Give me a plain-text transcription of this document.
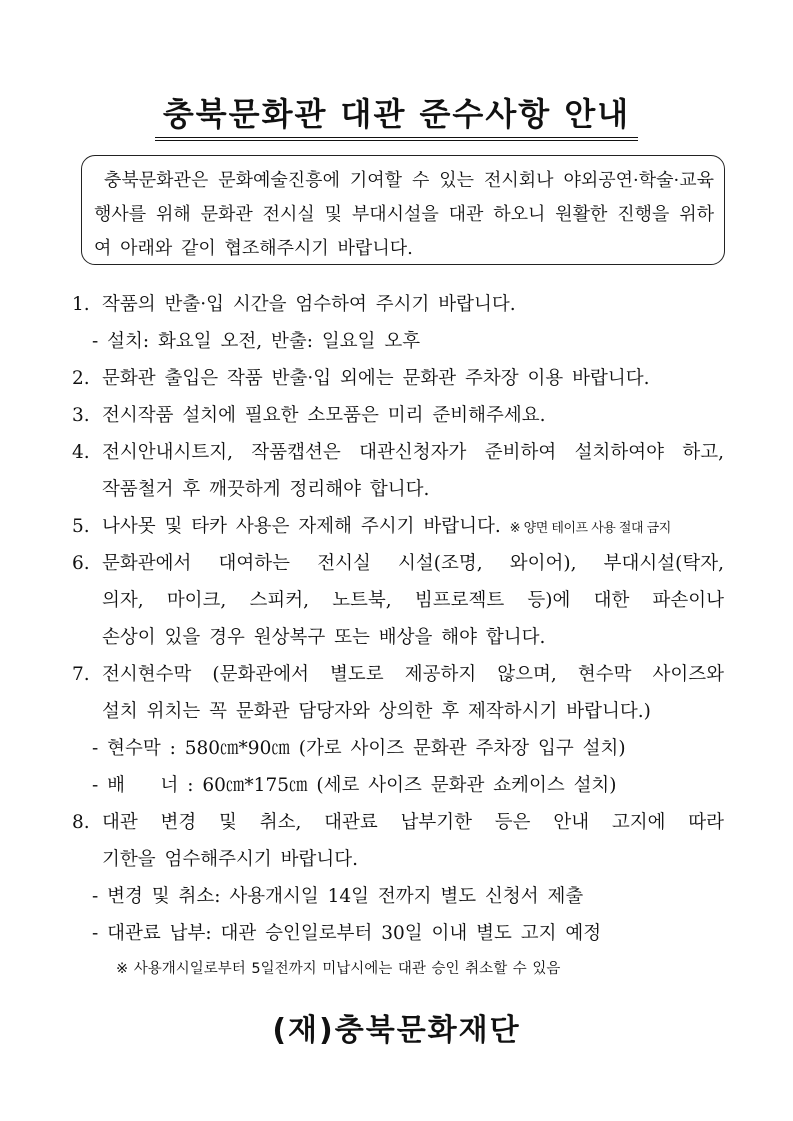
충북문화관 대관 준수사항 안내
충북문화관은 문화예술진흥에 기여할 수 있는 전시회나 야외공연·학술·교육행사를 위해 문화관 전시실 및 부대시설을 대관 하오니 원활한 진행을 위하여 아래와 같이 협조해주시기 바랍니다.
1. 작품의 반출·입 시간을 엄수하여 주시기 바랍니다.
- 설치: 화요일 오전, 반출: 일요일 오후
2. 문화관 출입은 작품 반출·입 외에는 문화관 주차장 이용 바랍니다.
3. 전시작품 설치에 필요한 소모품은 미리 준비해주세요.
4. 전시안내시트지, 작품캡션은 대관신청자가 준비하여 설치하여야 하고,
작품철거 후 깨끗하게 정리해야 합니다.
5. 나사못 및 타카 사용은 자제해 주시기 바랍니다. ※ 양면 테이프 사용 절대 금지
6. 문화관에서 대여하는 전시실 시설(조명, 와이어), 부대시설(탁자,
의자, 마이크, 스피커, 노트북, 빔프로젝트 등)에 대한 파손이나
손상이 있을 경우 원상복구 또는 배상을 해야 합니다.
7. 전시현수막 (문화관에서 별도로 제공하지 않으며, 현수막 사이즈와
설치 위치는 꼭 문화관 담당자와 상의한 후 제작하시기 바랍니다.)
- 현수막 : 580㎝*90㎝ (가로 사이즈 문화관 주차장 입구 설치)
- 배    너 : 60㎝*175㎝ (세로 사이즈 문화관 쇼케이스 설치)
8. 대관 변경 및 취소, 대관료 납부기한 등은 안내 고지에 따라
기한을 엄수해주시기 바랍니다.
- 변경 및 취소: 사용개시일 14일 전까지 별도 신청서 제출
- 대관료 납부: 대관 승인일로부터 30일 이내 별도 고지 예정
※ 사용개시일로부터 5일전까지 미납시에는 대관 승인 취소할 수 있음
(재)충북문화재단
